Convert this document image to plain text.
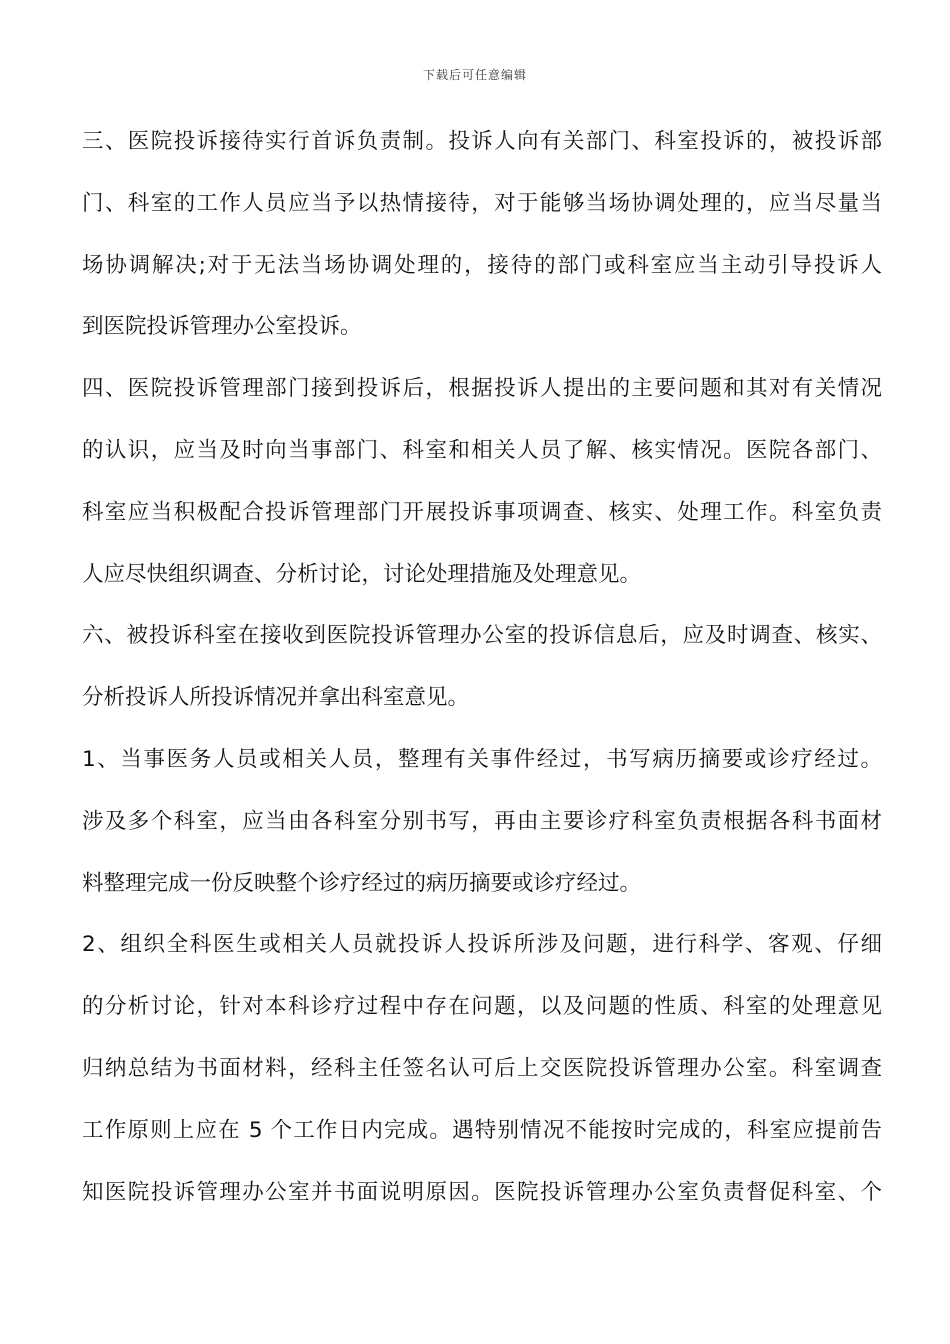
下载后可任意编辑
三、医院投诉接待实行首诉负责制。投诉人向有关部门、科室投诉的，被投诉部
门、科室的工作人员应当予以热情接待，对于能够当场协调处理的，应当尽量当
场协调解决;对于无法当场协调处理的，接待的部门或科室应当主动引导投诉人
到医院投诉管理办公室投诉。
四、医院投诉管理部门接到投诉后，根据投诉人提出的主要问题和其对有关情况
的认识，应当及时向当事部门、科室和相关人员了解、核实情况。医院各部门、
科室应当积极配合投诉管理部门开展投诉事项调查、核实、处理工作。科室负责
人应尽快组织调查、分析讨论，讨论处理措施及处理意见。
六、被投诉科室在接收到医院投诉管理办公室的投诉信息后，应及时调查、核实、
分析投诉人所投诉情况并拿出科室意见。
1、当事医务人员或相关人员，整理有关事件经过，书写病历摘要或诊疗经过。
涉及多个科室，应当由各科室分别书写，再由主要诊疗科室负责根据各科书面材
料整理完成一份反映整个诊疗经过的病历摘要或诊疗经过。
2、组织全科医生或相关人员就投诉人投诉所涉及问题，进行科学、客观、仔细
的分析讨论，针对本科诊疗过程中存在问题，以及问题的性质、科室的处理意见
归纳总结为书面材料，经科主任签名认可后上交医院投诉管理办公室。科室调查
工作原则上应在 5 个工作日内完成。遇特别情况不能按时完成的，科室应提前告
知医院投诉管理办公室并书面说明原因。医院投诉管理办公室负责督促科室、个
